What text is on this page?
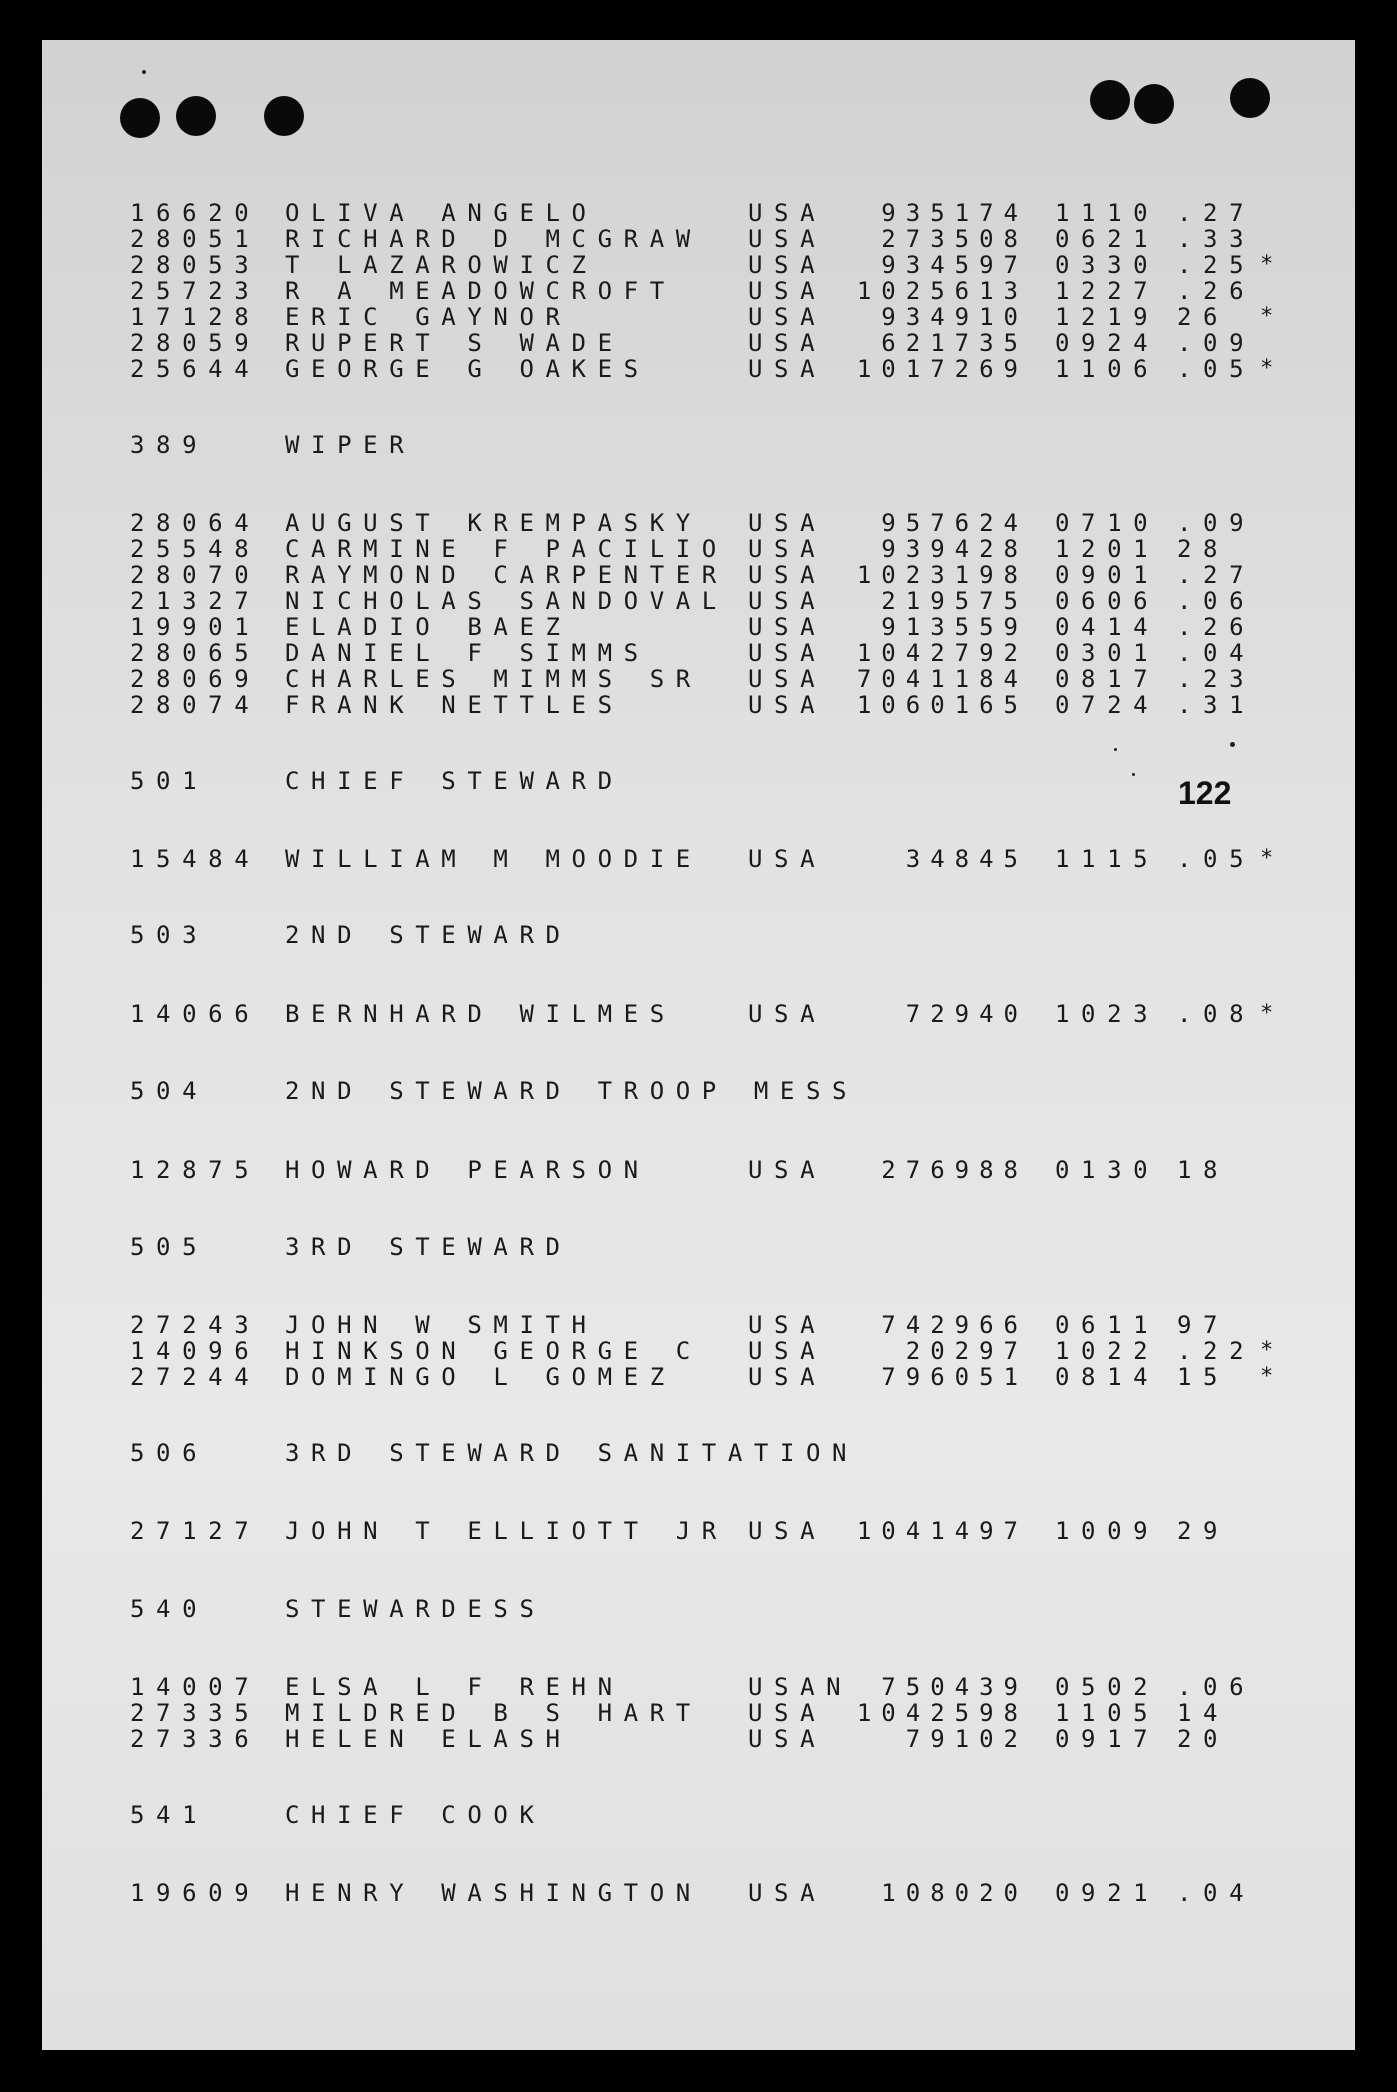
122
16620 OLIVA ANGELO	USA	935174 1110 .27
28051 RICHARD D MCGRAW USA	273508 0621 .33
28053 T LAZAROWICZ	USA	934597 0330 .25 *
25723 R A MEADOWCROFT	USA	1025613 1227 .26
17128 ERIC GAYNOR	USA	934910 1219 26 *
28059 RUPERT S WADE	USA	621735 0924 .09
25644 GEORGE G OAKES	USA	1017269 1106 .05 *
389	WIPER
28064 AUGUST KREMPASKY USA	957624 0710 .09
25548 CARMINE F PACILIO USA	939428 1201 28
28070 RAYMOND CARPENTER USA	1023198 0901 .27
21327 NICHOLAS SANDOVAL USA	219575 0606 .06
19901 ELADIO BAEZ	USA	913559 0414 .26
28065 DANIEL F SIMMS	USA	1042792 0301 .04
28069 CHARLES MIMMS SR USA	7041184 0817 .23
28074 FRANK NETTLES	USA	1060165 0724 .31
501	CHIEF STEWARD
15484 WILLIAM M MOODIE USA	34845 1115 .05 *
503	2ND STEWARD
14066 BERNHARD WILMES	USA	72940 1023 .08 *
504	2ND STEWARD TROOP MESS
12875 HOWARD PEARSON	USA	276988 0130 18
505	3RD STEWARD
27243 JOHN W SMITH	USA	742966 0611 97
14096 HINKSON GEORGE C USA	20297 1022 .22 *
27244 DOMINGO L GOMEZ	USA	796051 0814 15 *
506	3RD STEWARD SANITATION
27127 JOHN T ELLIOTT JR USA	1041497 1009 29
540	STEWARDESS
14007 ELSA L F REHN	USAN	750439 0502 .06
27335 MILDRED B S HART USA	1042598 1105 14
27336 HELEN ELASH	USA	79102 0917 20
541	CHIEF COOK
19609 HENRY WASHINGTON USA	108020 0921 .04
